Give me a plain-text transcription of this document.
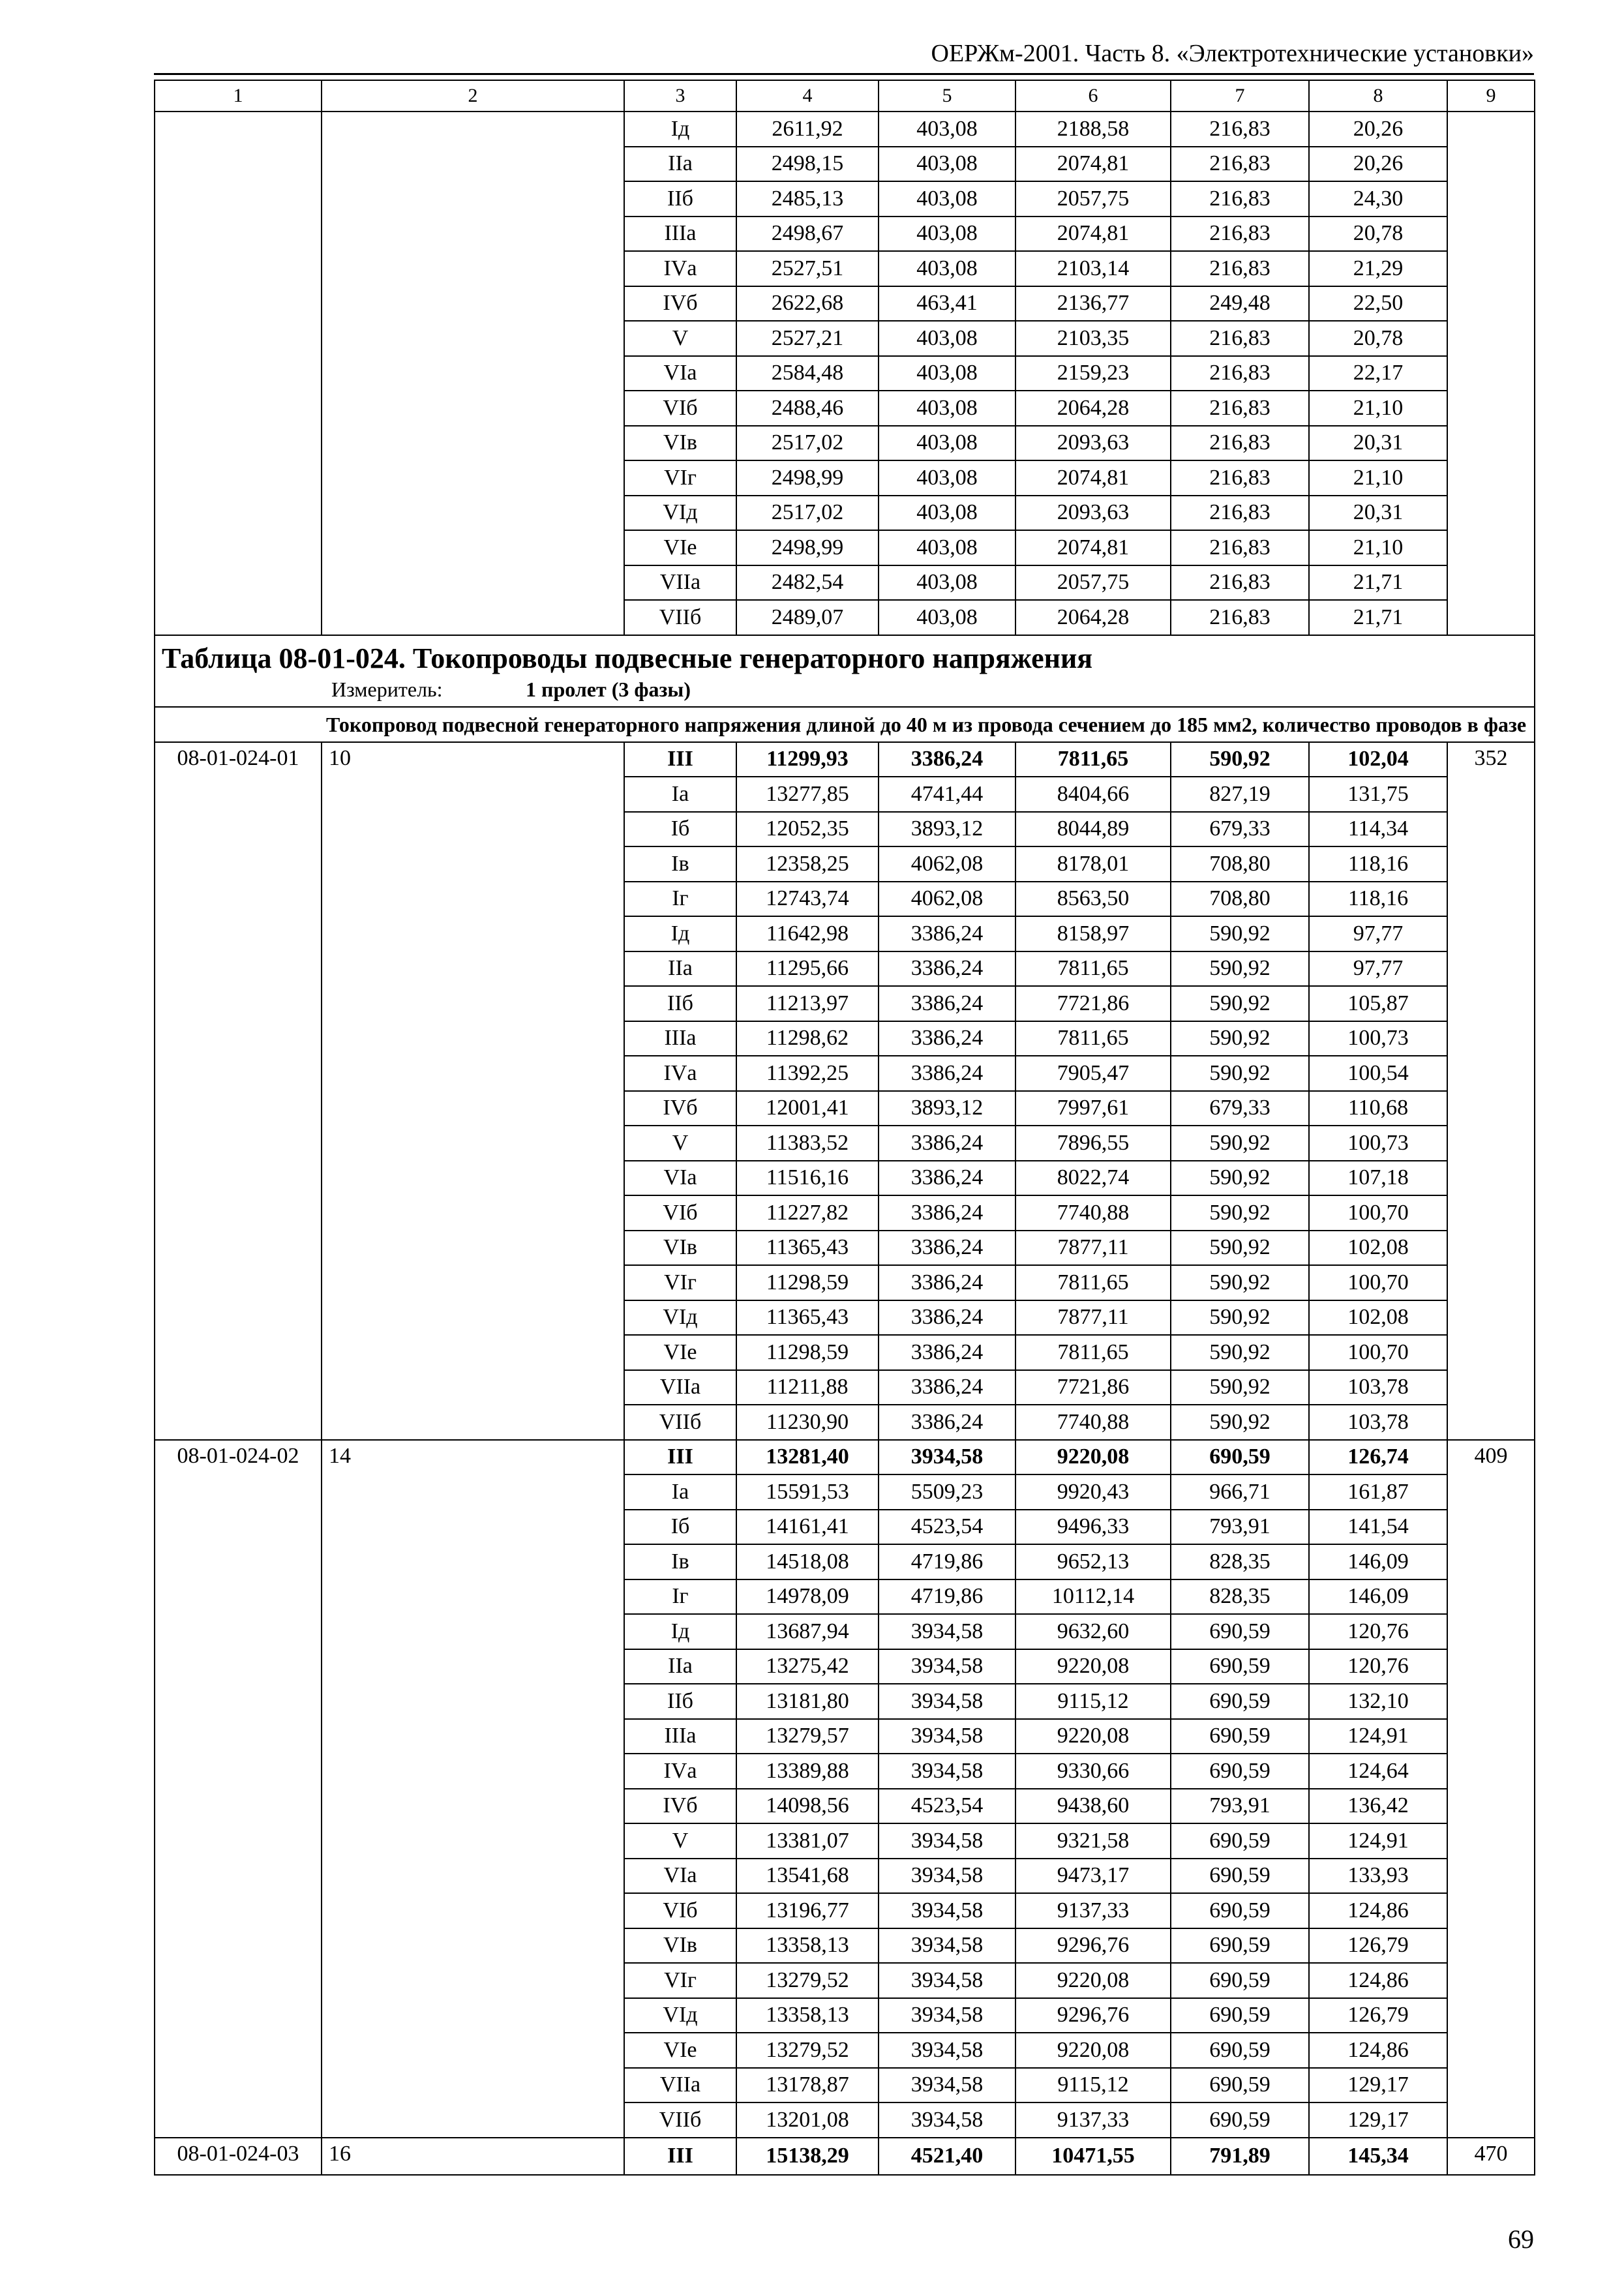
ОЕРЖм-2001. Часть 8. «Электротехнические установки»
1	2	3	4	5	6	7	8	9
		Iд	2611,92	403,08	2188,58	216,83	20,26	
		IIа	2498,15	403,08	2074,81	216,83	20,26	
		IIб	2485,13	403,08	2057,75	216,83	24,30	
		IIIа	2498,67	403,08	2074,81	216,83	20,78	
		IVа	2527,51	403,08	2103,14	216,83	21,29	
		IVб	2622,68	463,41	2136,77	249,48	22,50	
		V	2527,21	403,08	2103,35	216,83	20,78	
		VIа	2584,48	403,08	2159,23	216,83	22,17	
		VIб	2488,46	403,08	2064,28	216,83	21,10	
		VIв	2517,02	403,08	2093,63	216,83	20,31	
		VIг	2498,99	403,08	2074,81	216,83	21,10	
		VIд	2517,02	403,08	2093,63	216,83	20,31	
		VIе	2498,99	403,08	2074,81	216,83	21,10	
		VIIа	2482,54	403,08	2057,75	216,83	21,71	
		VIIб	2489,07	403,08	2064,28	216,83	21,71	

Таблица 08-01-024. Токопроводы подвесные генераторного напряжения
Измеритель: 1 пролет (3 фазы)								

Токопровод подвесной генераторного напряжения длиной до 40 м из провода сечением до 185 мм2, количество проводов в фазе								
08-01-024-01	10	III	11299,93	3386,24	7811,65	590,92	102,04	352
		Iа	13277,85	4741,44	8404,66	827,19	131,75	
		Iб	12052,35	3893,12	8044,89	679,33	114,34	
		Iв	12358,25	4062,08	8178,01	708,80	118,16	
		Iг	12743,74	4062,08	8563,50	708,80	118,16	
		Iд	11642,98	3386,24	8158,97	590,92	97,77	
		IIа	11295,66	3386,24	7811,65	590,92	97,77	
		IIб	11213,97	3386,24	7721,86	590,92	105,87	
		IIIа	11298,62	3386,24	7811,65	590,92	100,73	
		IVа	11392,25	3386,24	7905,47	590,92	100,54	
		IVб	12001,41	3893,12	7997,61	679,33	110,68	
		V	11383,52	3386,24	7896,55	590,92	100,73	
		VIа	11516,16	3386,24	8022,74	590,92	107,18	
		VIб	11227,82	3386,24	7740,88	590,92	100,70	
		VIв	11365,43	3386,24	7877,11	590,92	102,08	
		VIг	11298,59	3386,24	7811,65	590,92	100,70	
		VIд	11365,43	3386,24	7877,11	590,92	102,08	
		VIе	11298,59	3386,24	7811,65	590,92	100,70	
		VIIа	11211,88	3386,24	7721,86	590,92	103,78	
		VIIб	11230,90	3386,24	7740,88	590,92	103,78	
08-01-024-02	14	III	13281,40	3934,58	9220,08	690,59	126,74	409
		Iа	15591,53	5509,23	9920,43	966,71	161,87	
		Iб	14161,41	4523,54	9496,33	793,91	141,54	
		Iв	14518,08	4719,86	9652,13	828,35	146,09	
		Iг	14978,09	4719,86	10112,14	828,35	146,09	
		Iд	13687,94	3934,58	9632,60	690,59	120,76	
		IIа	13275,42	3934,58	9220,08	690,59	120,76	
		IIб	13181,80	3934,58	9115,12	690,59	132,10	
		IIIа	13279,57	3934,58	9220,08	690,59	124,91	
		IVа	13389,88	3934,58	9330,66	690,59	124,64	
		IVб	14098,56	4523,54	9438,60	793,91	136,42	
		V	13381,07	3934,58	9321,58	690,59	124,91	
		VIа	13541,68	3934,58	9473,17	690,59	133,93	
		VIб	13196,77	3934,58	9137,33	690,59	124,86	
		VIв	13358,13	3934,58	9296,76	690,59	126,79	
		VIг	13279,52	3934,58	9220,08	690,59	124,86	
		VIд	13358,13	3934,58	9296,76	690,59	126,79	
		VIе	13279,52	3934,58	9220,08	690,59	124,86	
		VIIа	13178,87	3934,58	9115,12	690,59	129,17	
		VIIб	13201,08	3934,58	9137,33	690,59	129,17	
08-01-024-03	16	III	15138,29	4521,40	10471,55	791,89	145,34	470
69
